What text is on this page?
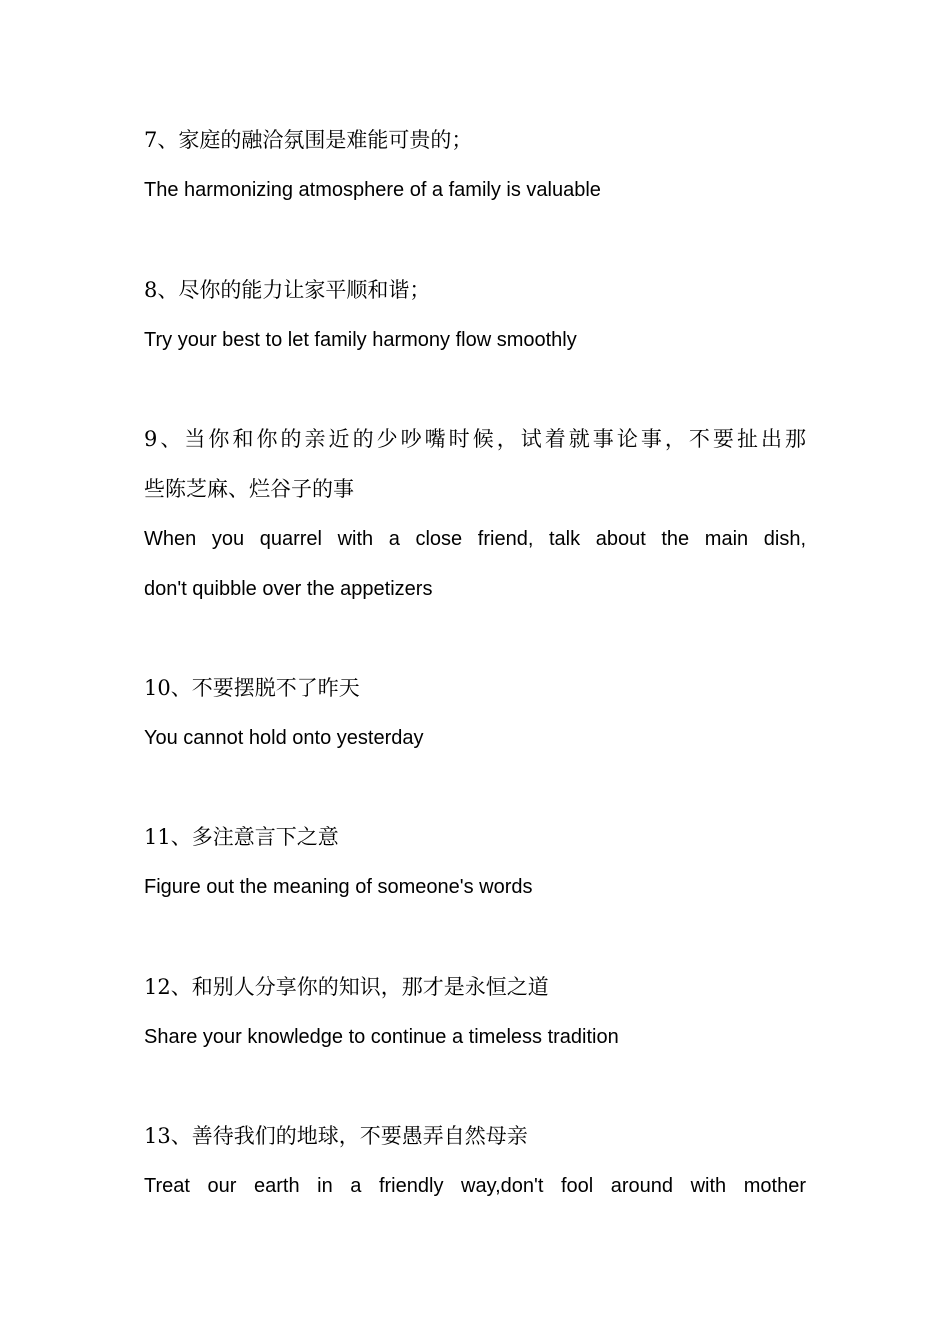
7、家庭的融洽氛围是难能可贵的；
The harmonizing atmosphere of a family is valuable
8、尽你的能力让家平顺和谐；
Try your best to let family harmony flow smoothly
9、当你和你的亲近的少吵嘴时候，试着就事论事，不要扯出那
些陈芝麻、烂谷子的事
When you quarrel with a close friend, talk about the main dish,
don't quibble over the appetizers
10、不要摆脱不了昨天
You cannot hold onto yesterday
11、多注意言下之意
Figure out the meaning of someone's words
12、和别人分享你的知识，那才是永恒之道
Share your knowledge to continue a timeless tradition
13、善待我们的地球，不要愚弄自然母亲
Treat our earth in a friendly way,don't fool around with mother
